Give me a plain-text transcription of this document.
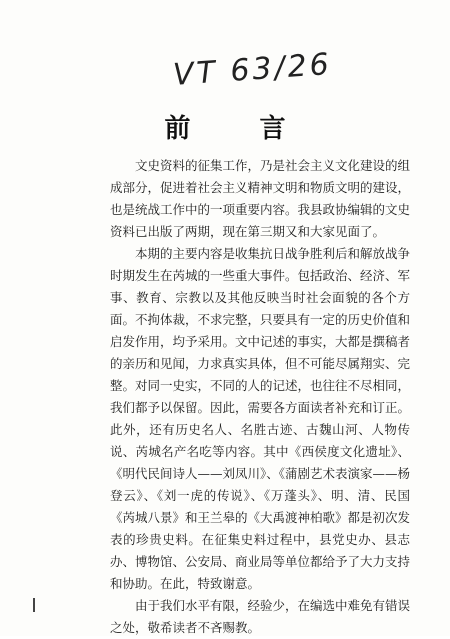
VT 63/26
前 言

文史资料的征集工作，乃是社会主义文化建设的组成部分，促进着社会主义精神文明和物质文明的建设，也是统战工作中的一项重要内容。我县政协编辑的文史资料已出版了两期，现在第三期又和大家见面了。

本期的主要内容是收集抗日战争胜利后和解放战争时期发生在芮城的一些重大事件。包括政治、经济、军事、教育、宗教以及其他反映当时社会面貌的各个方面。不拘体裁，不求完整，只要具有一定的历史价值和启发作用，均予采用。文中记述的事实，大都是撰稿者的亲历和见闻，力求真实具体，但不可能尽属翔实、完整。对同一史实，不同的人的记述，也往往不尽相同，我们都予以保留。因此，需要各方面读者补充和订正。此外，还有历史名人、名胜古迹、古魏山河、人物传说、芮城名产名吃等内容。其中《西侯度文化遗址》、《明代民间诗人——刘凤川》、《蒲剧艺术表演家——杨登云》、《刘一虎的传说》、《万蓬头》、明、清、民国《芮城八景》和王兰皋的《大禹渡神柏歌》都是初次发表的珍贵史料。在征集史料过程中，县党史办、县志办、博物馆、公安局、商业局等单位都给予了大力支持和协助。在此，特致谢意。

由于我们水平有限，经验少，在编选中难免有错误之处，敬希读者不吝赐教。
